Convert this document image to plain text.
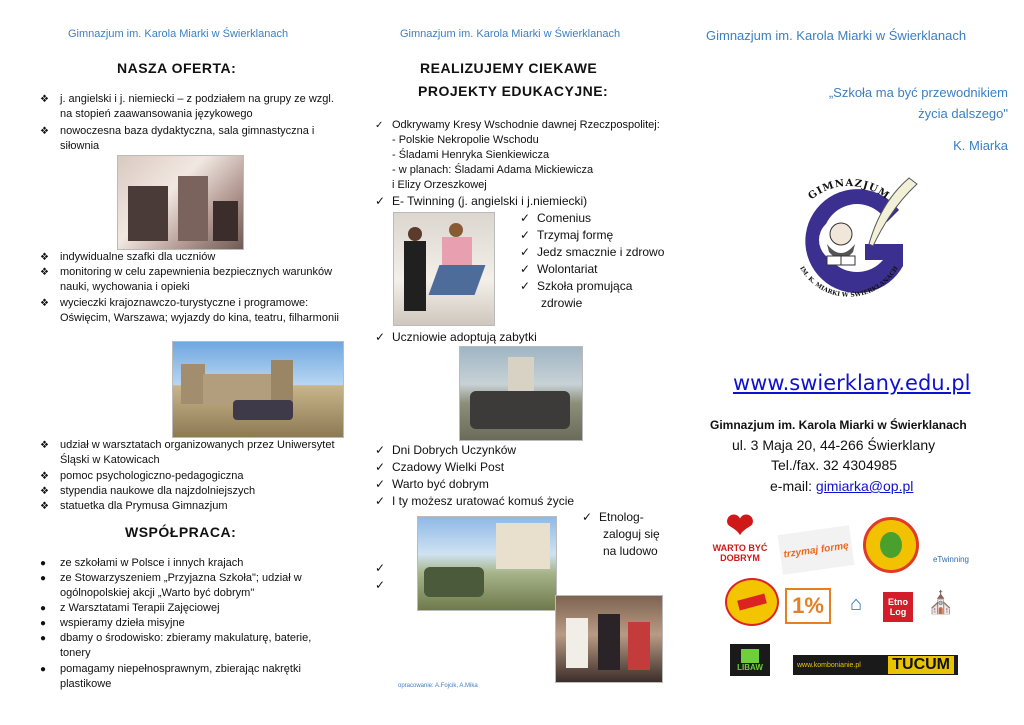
Gimnazjum im. Karola Miarki w Świerklanach
NASZA OFERTA:
❖ j. angielski i j. niemiecki – z podziałem na grupy ze wzgl. na stopień zaawansowania językowego
❖ nowoczesna baza dydaktyczna, sala gimnastyczna i siłownia
❖ indywidualne szafki dla uczniów
❖ monitoring w celu zapewnienia bezpiecznych warunków nauki, wychowania i opieki
❖ wycieczki krajoznawczo-turystyczne i programowe: Oświęcim, Warszawa; wyjazdy do kina, teatru, filharmonii
❖ udział w warsztatach organizowanych przez Uniwersytet Śląski w Katowicach
❖ pomoc psychologiczno-pedagogiczna
❖ stypendia naukowe dla najzdolniejszych
❖ statuetka dla Prymusa Gimnazjum
WSPÓŁPRACA:
● ze szkołami w Polsce i innych krajach
● ze Stowarzyszeniem „Przyjazna Szkoła"; udział w ogólnopolskiej akcji „Warto być dobrym"
● z Warsztatami Terapii Zajęciowej
● wspieramy dzieła misyjne
● dbamy o środowisko: zbieramy makulaturę, baterie, tonery
● pomagamy niepełnosprawnym, zbierając nakrętki plastikowe
Gimnazjum im. Karola Miarki w Świerklanach
REALIZUJEMY CIEKAWE
PROJEKTY EDUKACYJNE:
✓ Odkrywamy Kresy Wschodnie dawnej Rzeczpospolitej:
- Polskie Nekropolie Wschodu
- Śladami Henryka Sienkiewicza
- w planach: Śladami Adama Mickiewicza
i Elizy Orzeszkowej
✓ E- Twinning (j. angielski i j.niemiecki)
✓ Comenius
✓ Trzymaj formę
✓ Jedz smacznie i zdrowo
✓ Wolontariat
✓ Szkoła promująca
zdrowie
✓ Uczniowie adoptują zabytki
✓ Dni Dobrych Uczynków
✓ Czadowy Wielki Post
✓ Warto być dobrym
✓ I ty możesz uratować komuś życie
✓
✓
✓ Etnolog-
zaloguj się
na ludowo
opracowanie: A.Fojcik, A.Mika
Gimnazjum im. Karola Miarki w Świerklanach
„Szkoła ma być przewodnikiem
życia dalszego"
K. Miarka
GIMNAZJUM
IM. K. MIARKI W ŚWIERKLANACH
www.swierklany.edu.pl
Gimnazjum im. Karola Miarki w Świerklanach
ul. 3 Maja 20, 44-266 Świerklany
Tel./fax. 32 4304985
e-mail: gimiarka@op.pl
❤
WARTO BYĆ DOBRYM	trzymaj formę	eTwinning
1%	⌂	Etno Log ⛪
LIBAW	www.kombonianie.pl TUCUM
